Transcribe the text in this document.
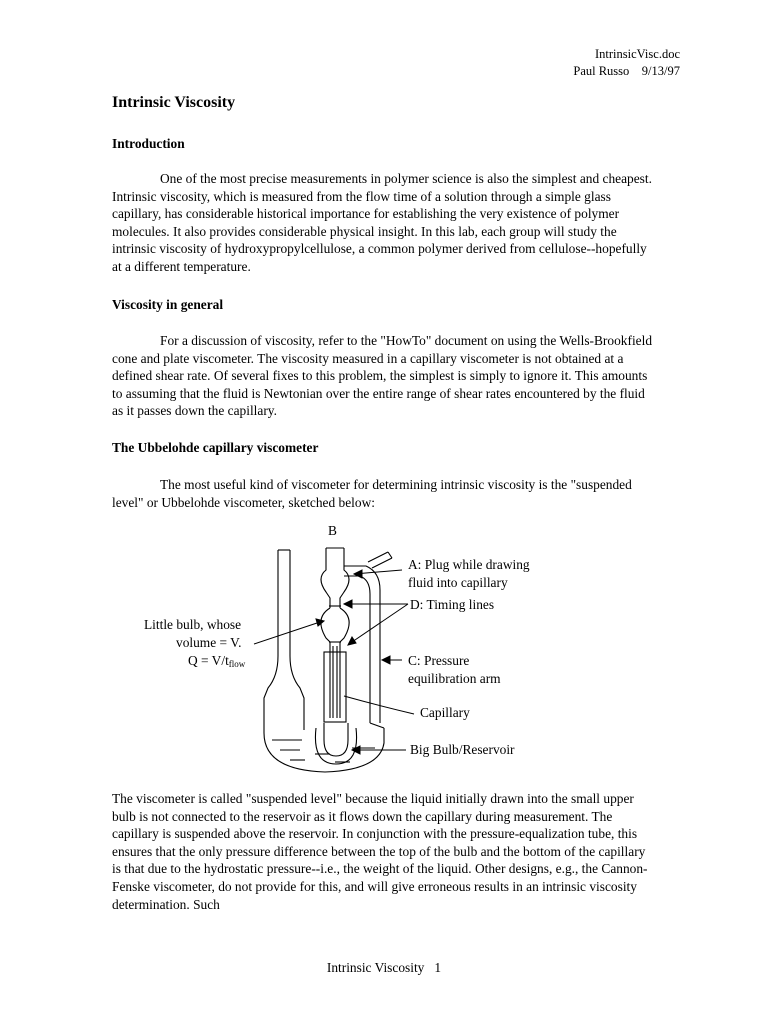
IntrinsicVisc.doc
Paul Russo    9/13/97
Intrinsic Viscosity
Introduction

One of the most precise measurements in polymer science is also the simplest and cheapest. Intrinsic viscosity, which is measured from the flow time of a solution through a simple glass capillary, has considerable historical importance for establishing the very existence of polymer molecules. It also provides considerable physical insight. In this lab, each group will study the intrinsic viscosity of hydroxypropylcellulose, a common polymer derived from cellulose--hopefully at a different temperature.

Viscosity in general

For a discussion of viscosity, refer to the "HowTo" document on using the Wells-Brookfield cone and plate viscometer. The viscosity measured in a capillary viscometer is not obtained at a defined shear rate. Of several fixes to this problem, the simplest is simply to ignore it. This amounts to assuming that the fluid is Newtonian over the entire range of shear rates encountered by the fluid as it passes down the capillary.

The Ubbelohde capillary viscometer

The most useful kind of viscometer for determining intrinsic viscosity is the "suspended level" or Ubbelohde viscometer, sketched below:

B
A: Plug while drawing
fluid into capillary
D: Timing lines
Little bulb, whose
volume = V.
$Q = V/t_{flow}$	C: Pressure
equilibration arm
Capillary
Big Bulb/Reservoir

The viscometer is called "suspended level" because the liquid initially drawn into the small upper bulb is not connected to the reservoir as it flows down the capillary during measurement. The capillary is suspended above the reservoir. In conjunction with the pressure-equalization tube, this ensures that the only pressure difference between the top of the bulb and the bottom of the capillary is that due to the hydrostatic pressure--i.e., the weight of the liquid. Other designs, e.g., the Cannon-Fenske viscometer, do not provide for this, and will give erroneous results in an intrinsic viscosity determination. Such

Intrinsic Viscosity   1
